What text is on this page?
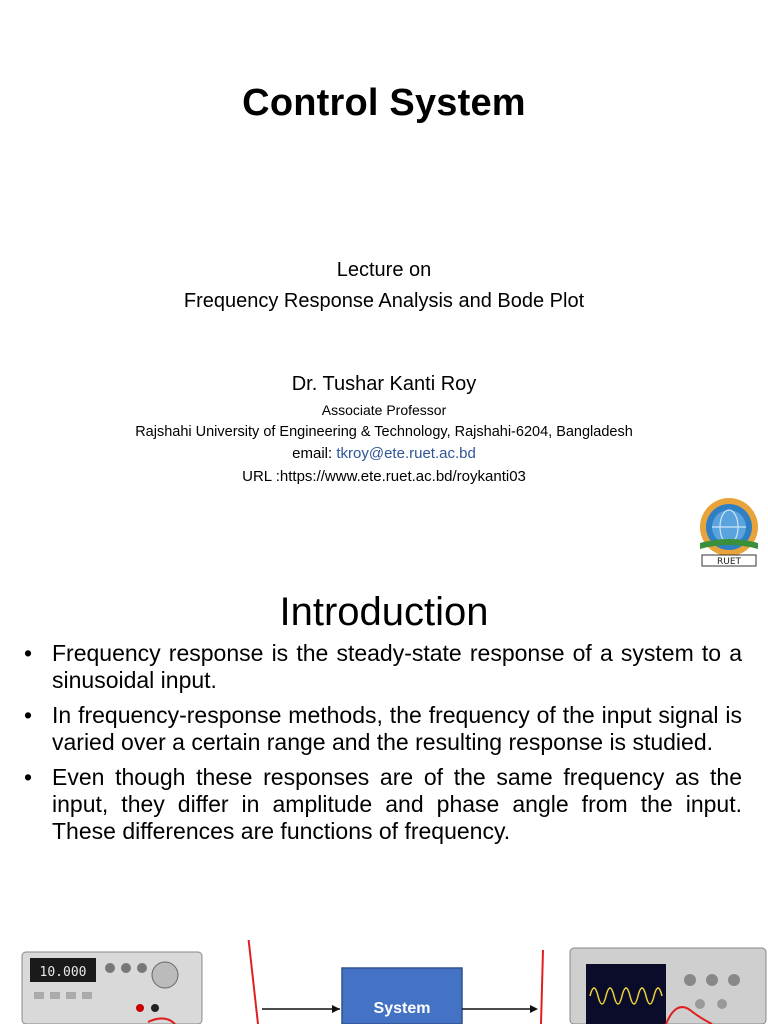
Control System
Lecture on
Frequency Response Analysis and Bode Plot
Dr. Tushar Kanti Roy
Associate Professor
Rajshahi University of Engineering & Technology, Rajshahi-6204, Bangladesh
email: tkroy@ete.ruet.ac.bd
URL :https://www.ete.ruet.ac.bd/roykanti03
RUET
Introduction
• Frequency response is the steady-state response of a system to a sinusoidal input.
• In frequency-response methods, the frequency of the input signal is varied over a certain range and the resulting response is studied.
• Even though these responses are of the same frequency as the input, they differ in amplitude and phase angle from the input. These differences are functions of frequency.
10.000
System
